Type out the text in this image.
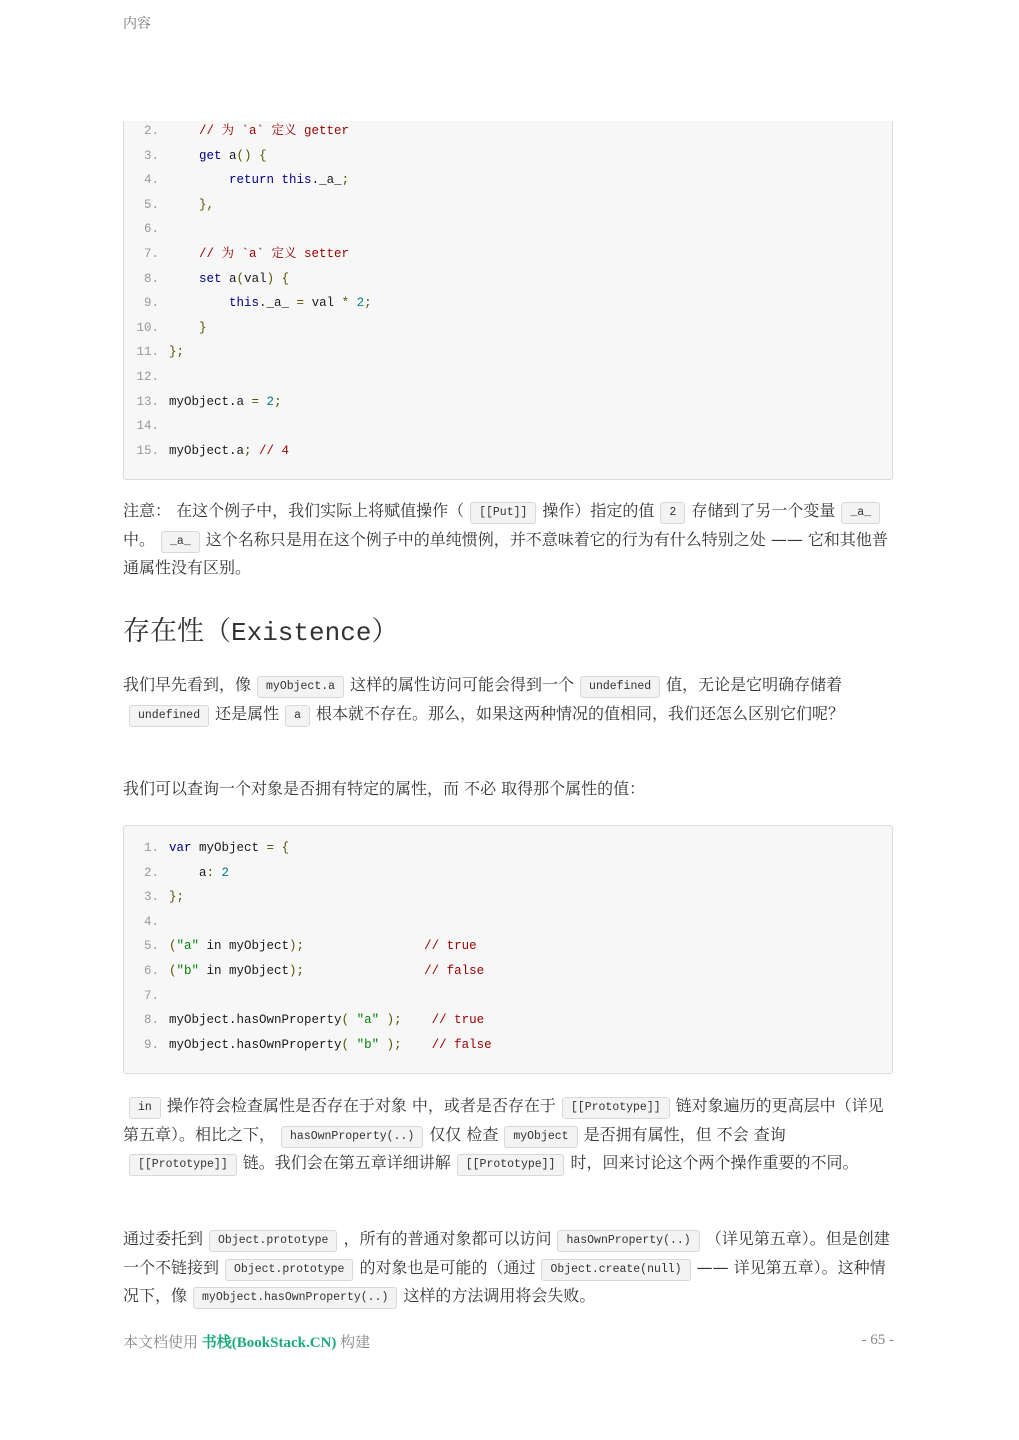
内容
2.	// 为 `a` 定义 getter
3.	get a() {
4.	return this._a_;
5.	},
6.
7.	// 为 `a` 定义 setter
8.	set a(val) {
9.	this._a_ = val * 2;
10.	}
11. };
12.
13. myObject.a = 2;
14.
15. myObject.a; // 4
注意： 在这个例子中，我们实际上将赋值操作（ [[Put]] 操作）指定的值 2 存储到了另一个变量 _a_中。 _a_ 这个名称只是用在这个例子中的单纯惯例，并不意味着它的行为有什么特别之处 —— 它和其他普通属性没有区别。
存在性（Existence）
我们早先看到，像 myObject.a 这样的属性访问可能会得到一个 undefined 值，无论是它明确存储着undefined 还是属性 a 根本就不存在。那么，如果这两种情况的值相同，我们还怎么区别它们呢？
我们可以查询一个对象是否拥有特定的属性，而 不必 取得那个属性的值：
1. var myObject = {
2. a: 2
3. };
4.
5. ("a" in myObject);	// true
6. ("b" in myObject);	// false
7.
8. myObject.hasOwnProperty( "a" ); // true
9. myObject.hasOwnProperty( "b" ); // false
in 操作符会检查属性是否存在于对象 中，或者是否存在于 [[Prototype]] 链对象遍历的更高层中（详见第五章）。相比之下， hasOwnProperty(..) 仅仅 检查 myObject 是否拥有属性，但 不会 查询[[Prototype]] 链。我们会在第五章详细讲解 [[Prototype]] 时，回来讨论这个两个操作重要的不同。
通过委托到 Object.prototype ，所有的普通对象都可以访问 hasOwnProperty(..) （详见第五章）。但是创建一个不链接到 Object.prototype 的对象也是可能的（通过 Object.create(null) —— 详见第五章）。这种情况下，像 myObject.hasOwnProperty(..) 这样的方法调用将会失败。
本文档使用 书栈(BookStack.CN) 构建	- 65 -
